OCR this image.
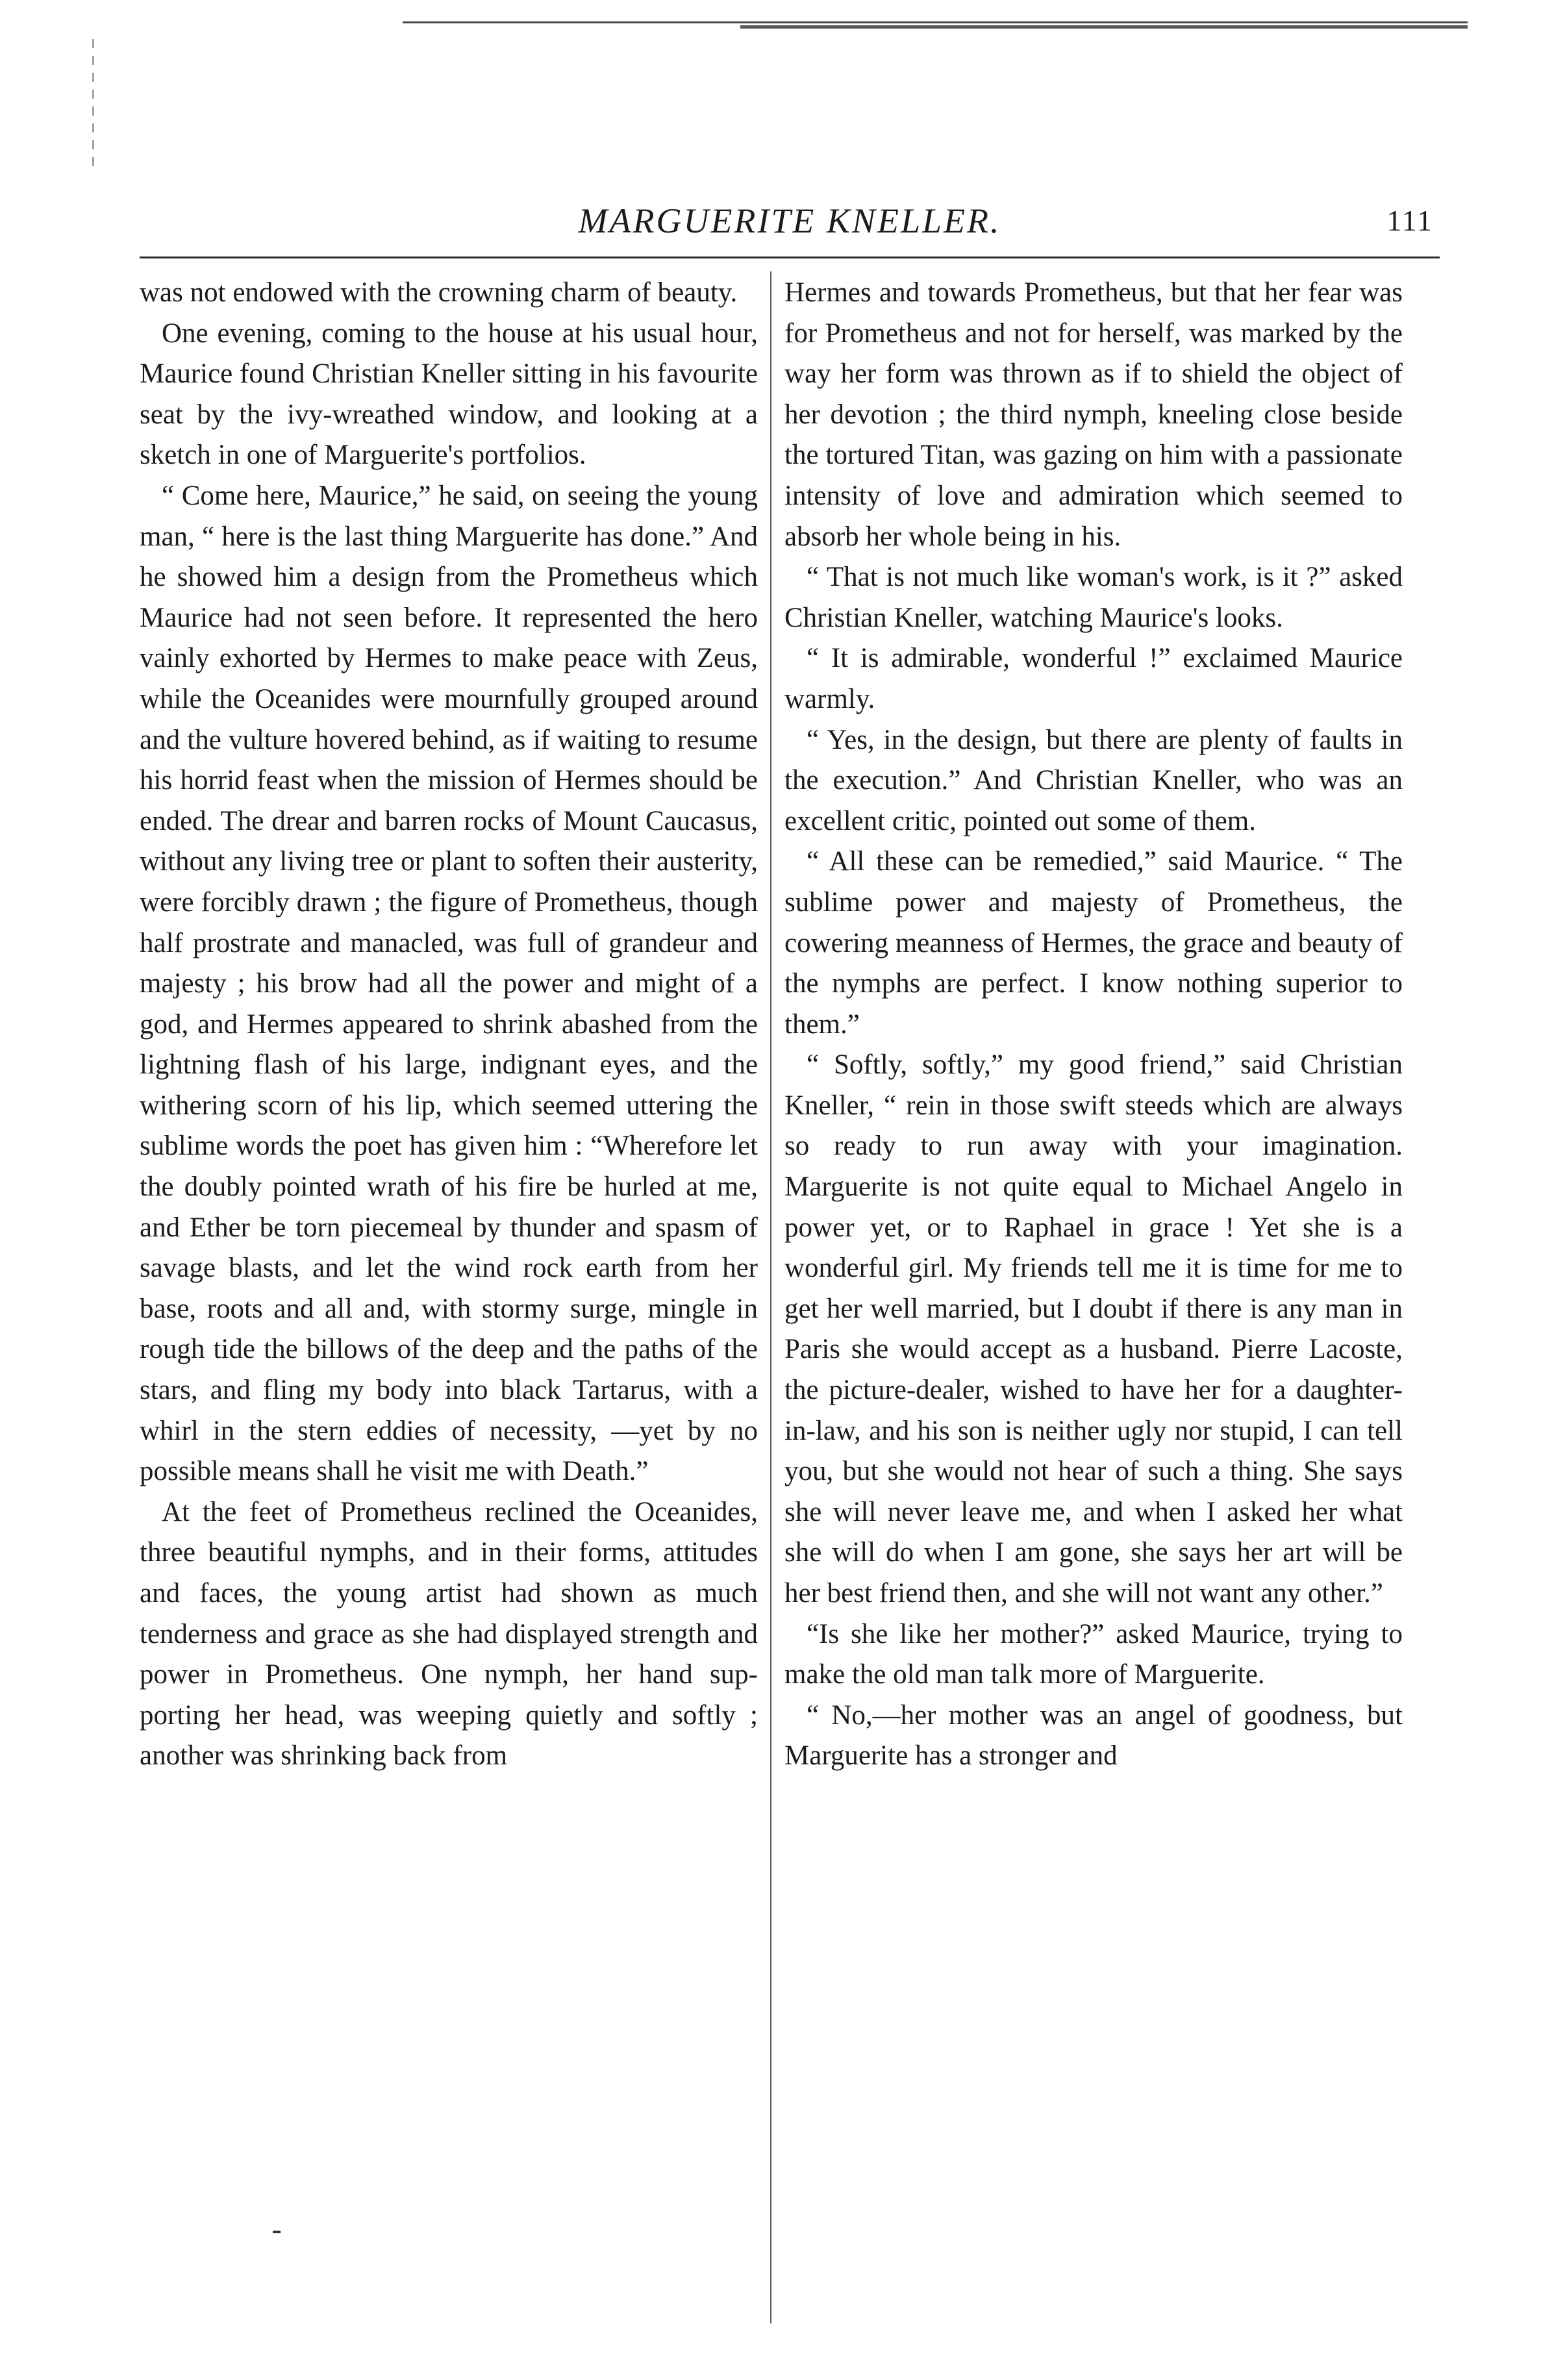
MARGUERITE KNELLER.	111

was not endowed with the crowning charm of beauty.

One evening, coming to the house at his usual hour, Maurice found Christian Kneller sitting in his favourite seat by the ivy-wreathed window, and looking at a sketch in one of Marguerite's portfolios.

“ Come here, Maurice,” he said, on seeing the young man, “ here is the last thing Marguerite has done.” And he showed him a design from the Prometheus which Maurice had not seen before. It represented the hero vainly exhorted by Hermes to make peace with Zeus, while the Oceanides were mournfully grouped around and the vulture hovered behind, as if waiting to resume his horrid feast when the mission of Hermes should be ended. The drear and barren rocks of Mount Caucasus, without any living tree or plant to soften their austerity, were forcibly drawn ; the figure of Prometheus, though half prostrate and manacled, was full of grandeur and majesty ; his brow had all the power and might of a god, and Hermes appeared to shrink abashed from the lightning flash of his large, indignant eyes, and the withering scorn of his lip, which seemed uttering the sublime words the poet has given him : “Wherefore let the doubly pointed wrath of his fire be hurled at me, and Ether be torn piecemeal by thunder and spasm of savage blasts, and let the wind rock earth from her base, roots and all and, with stormy surge, mingle in rough tide the billows of the deep and the paths of the stars, and fling my body into black Tartarus, with a whirl in the stern eddies of necessity, —yet by no possible means shall he visit me with Death.”

At the feet of Prometheus reclined the Oceanides, three beautiful nymphs, and in their forms, attitudes and faces, the young artist had shown as much tenderness and grace as she had displayed strength and power in Prometheus. One nymph, her hand supporting her head, was weeping quietly and softly ; another was shrinking back from

Hermes and towards Prometheus, but that her fear was for Prometheus and not for herself, was marked by the way her form was thrown as if to shield the object of her devotion ; the third nymph, kneeling close beside the tortured Titan, was gazing on him with a passionate intensity of love and admiration which seemed to absorb her whole being in his.

“ That is not much like woman's work, is it ?” asked Christian Kneller, watching Maurice's looks.

“ It is admirable, wonderful !” exclaimed Maurice warmly.

“ Yes, in the design, but there are plenty of faults in the execution.” And Christian Kneller, who was an excellent critic, pointed out some of them.

“ All these can be remedied,” said Maurice. “ The sublime power and majesty of Prometheus, the cowering meanness of Hermes, the grace and beauty of the nymphs are perfect. I know nothing superior to them.”

“ Softly, softly,” my good friend,” said Christian Kneller, “ rein in those swift steeds which are always so ready to run away with your imagination. Marguerite is not quite equal to Michael Angelo in power yet, or to Raphael in grace ! Yet she is a wonderful girl. My friends tell me it is time for me to get her well married, but I doubt if there is any man in Paris she would accept as a husband. Pierre Lacoste, the picture-dealer, wished to have her for a daughter-in-law, and his son is neither ugly nor stupid, I can tell you, but she would not hear of such a thing. She says she will never leave me, and when I asked her what she will do when I am gone, she says her art will be her best friend then, and she will not want any other.”

“Is she like her mother?” asked Maurice, trying to make the old man talk more of Marguerite.

“ No,—her mother was an angel of goodness, but Marguerite has a stronger and
